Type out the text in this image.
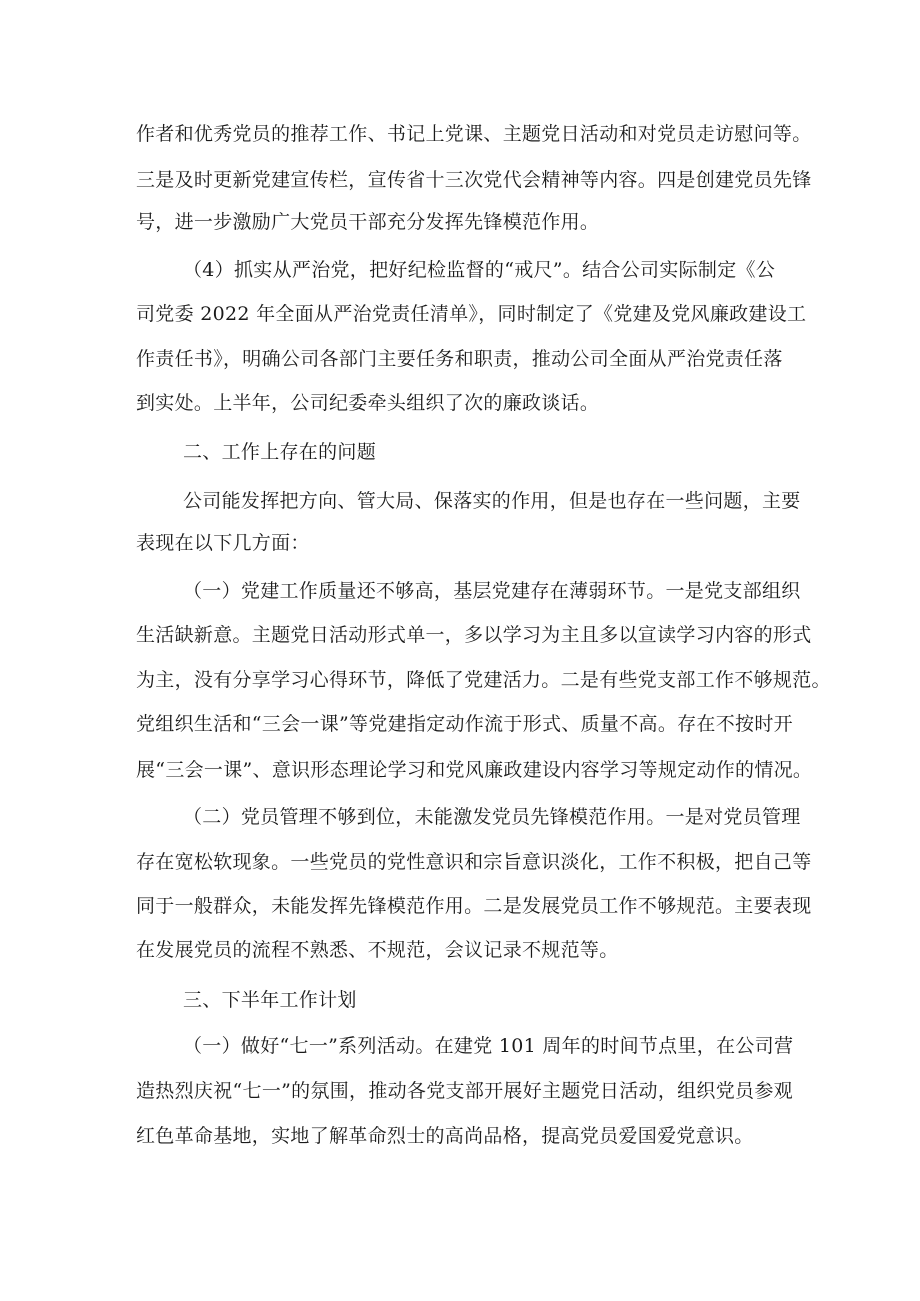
作者和优秀党员的推荐工作、书记上党课、主题党日活动和对党员走访慰问等。
三是及时更新党建宣传栏，宣传省十三次党代会精神等内容。四是创建党员先锋
号，进一步激励广大党员干部充分发挥先锋模范作用。
（4）抓实从严治党，把好纪检监督的“戒尺”。结合公司实际制定《公
司党委 2022 年全面从严治党责任清单》，同时制定了《党建及党风廉政建设工
作责任书》，明确公司各部门主要任务和职责，推动公司全面从严治党责任落
到实处。上半年，公司纪委牵头组织了次的廉政谈话。
二、工作上存在的问题
公司能发挥把方向、管大局、保落实的作用，但是也存在一些问题，主要
表现在以下几方面：
（一）党建工作质量还不够高，基层党建存在薄弱环节。一是党支部组织
生活缺新意。主题党日活动形式单一，多以学习为主且多以宣读学习内容的形式
为主，没有分享学习心得环节，降低了党建活力。二是有些党支部工作不够规范。
党组织生活和“三会一课”等党建指定动作流于形式、质量不高。存在不按时开
展“三会一课”、意识形态理论学习和党风廉政建设内容学习等规定动作的情况。
（二）党员管理不够到位，未能激发党员先锋模范作用。一是对党员管理
存在宽松软现象。一些党员的党性意识和宗旨意识淡化，工作不积极，把自己等
同于一般群众，未能发挥先锋模范作用。二是发展党员工作不够规范。主要表现
在发展党员的流程不熟悉、不规范，会议记录不规范等。
三、下半年工作计划
（一）做好“七一”系列活动。在建党 101 周年的时间节点里，在公司营
造热烈庆祝“七一”的氛围，推动各党支部开展好主题党日活动，组织党员参观
红色革命基地，实地了解革命烈士的高尚品格，提高党员爱国爱党意识。
